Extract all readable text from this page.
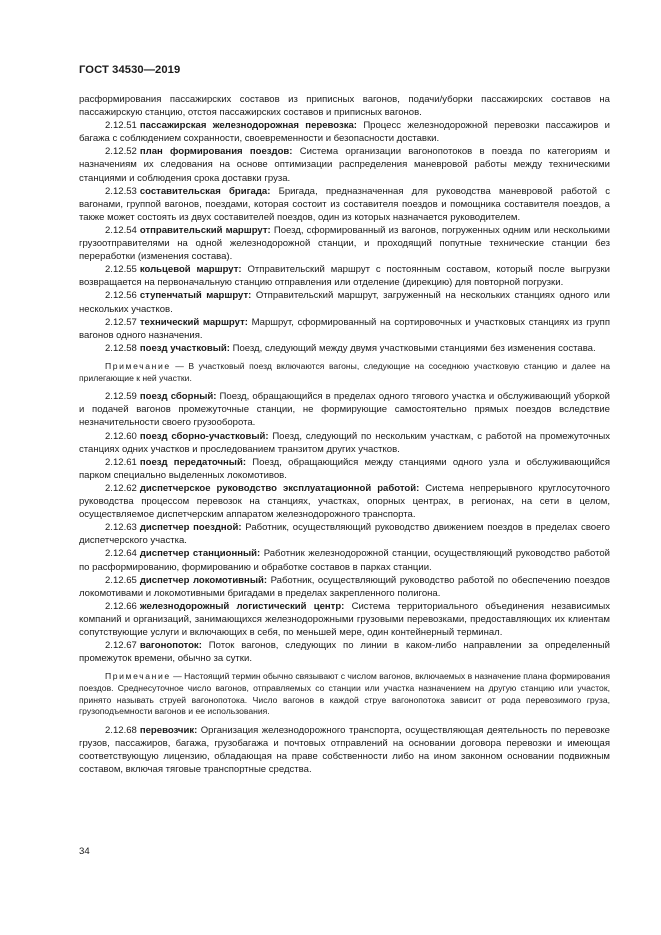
ГОСТ 34530—2019

расформирования пассажирских составов из приписных вагонов, подачи/уборки пассажирских составов на пассажирскую станцию, отстоя пассажирских составов и приписных вагонов.

2.12.51 пассажирская железнодорожная перевозка: Процесс железнодорожной перевозки пассажиров и багажа с соблюдением сохранности, своевременности и безопасности доставки.

2.12.52 план формирования поездов: Система организации вагонопотоков в поезда по категориям и назначениям их следования на основе оптимизации распределения маневровой работы между техническими станциями и соблюдения срока доставки груза.

2.12.53 составительская бригада: Бригада, предназначенная для руководства маневровой работой с вагонами, группой вагонов, поездами, которая состоит из составителя поездов и помощника составителя поездов, а также может состоять из двух составителей поездов, один из которых назначается руководителем.

2.12.54 отправительский маршрут: Поезд, сформированный из вагонов, погруженных одним или несколькими грузоотправителями на одной железнодорожной станции, и проходящий попутные технические станции без переработки (изменения состава).

2.12.55 кольцевой маршрут: Отправительский маршрут с постоянным составом, который после выгрузки возвращается на первоначальную станцию отправления или отделение (дирекцию) для повторной погрузки.

2.12.56 ступенчатый маршрут: Отправительский маршрут, загруженный на нескольких станциях одного или нескольких участков.

2.12.57 технический маршрут: Маршрут, сформированный на сортировочных и участковых станциях из групп вагонов одного назначения.

2.12.58 поезд участковый: Поезд, следующий между двумя участковыми станциями без изменения состава.

Примечание — В участковый поезд включаются вагоны, следующие на соседнюю участковую станцию и далее на прилегающие к ней участки.

2.12.59 поезд сборный: Поезд, обращающийся в пределах одного тягового участка и обслуживающий уборкой и подачей вагонов промежуточные станции, не формирующие самостоятельно прямых поездов вследствие незначительности своего грузооборота.

2.12.60 поезд сборно-участковый: Поезд, следующий по нескольким участкам, с работой на промежуточных станциях одних участков и проследованием транзитом других участков.

2.12.61 поезд передаточный: Поезд, обращающийся между станциями одного узла и обслуживающийся парком специально выделенных локомотивов.

2.12.62 диспетчерское руководство эксплуатационной работой: Система непрерывного круглосуточного руководства процессом перевозок на станциях, участках, опорных центрах, в регионах, на сети в целом, осуществляемое диспетчерским аппаратом железнодорожного транспорта.

2.12.63 диспетчер поездной: Работник, осуществляющий руководство движением поездов в пределах своего диспетчерского участка.

2.12.64 диспетчер станционный: Работник железнодорожной станции, осуществляющий руководство работой по расформированию, формированию и обработке составов в парках станции.

2.12.65 диспетчер локомотивный: Работник, осуществляющий руководство работой по обеспечению поездов локомотивами и локомотивными бригадами в пределах закрепленного полигона.

2.12.66 железнодорожный логистический центр: Система территориального объединения независимых компаний и организаций, занимающихся железнодорожными грузовыми перевозками, предоставляющих их клиентам сопутствующие услуги и включающих в себя, по меньшей мере, один контейнерный терминал.

2.12.67 вагонопоток: Поток вагонов, следующих по линии в каком-либо направлении за определенный промежуток времени, обычно за сутки.

Примечание — Настоящий термин обычно связывают с числом вагонов, включаемых в назначение плана формирования поездов. Среднесуточное число вагонов, отправляемых со станции или участка назначением на другую станцию или участок, принято называть струей вагонопотока. Число вагонов в каждой струе вагонопотока зависит от рода перевозимого груза, грузоподъемности вагонов и ее использования.

2.12.68 перевозчик: Организация железнодорожного транспорта, осуществляющая деятельность по перевозке грузов, пассажиров, багажа, грузобагажа и почтовых отправлений на основании договора перевозки и имеющая соответствующую лицензию, обладающая на праве собственности либо на ином законном основании подвижным составом, включая тяговые транспортные средства.

34
